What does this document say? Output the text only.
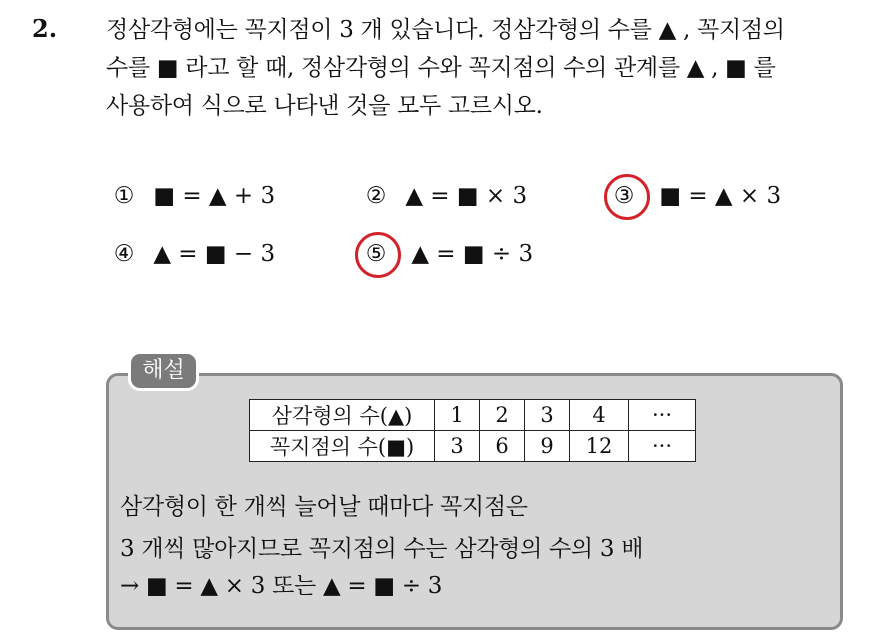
2. 정삼각형에는 꼭지점이 3 개 있습니다. 정삼각형의 수를 ▲ , 꼭지점의
수를 ■ 라고 할 때, 정삼각형의 수와 꼭지점의 수의 관계를 ▲ , ■ 를
사용하여 식으로 나타낸 것을 모두 고르시오.
① ■ = ▲ + 3	② ▲ = ■ × 3	③ ■ = ▲ × 3
④ ▲ = ■ − 3	⑤ ▲ = ■ ÷ 3
해설
삼각형의 수(▲)	1	2	3	4	···
꼭지점의 수(■)	3	6	9	12	···
삼각형이 한 개씩 늘어날 때마다 꼭지점은
3 개씩 많아지므로 꼭지점의 수는 삼각형의 수의 3 배
→ ■ = ▲ × 3 또는 ▲ = ■ ÷ 3
